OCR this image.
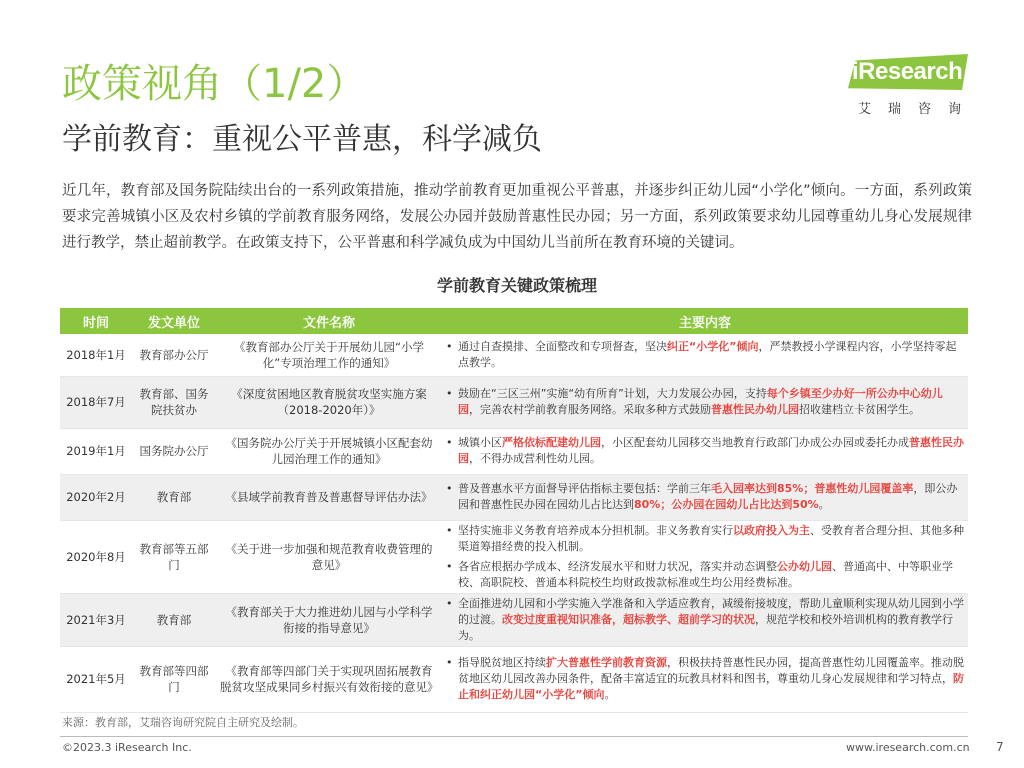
政策视角（1/2）
学前教育：重视公平普惠，科学减负
iResearch
艾瑞咨询
近几年，教育部及国务院陆续出台的一系列政策措施，推动学前教育更加重视公平普惠，并逐步纠正幼儿园“小学化”倾向。一方面，系列政策要求完善城镇小区及农村乡镇的学前教育服务网络，发展公办园并鼓励普惠性民办园；另一方面，系列政策要求幼儿园尊重幼儿身心发展规律进行教学，禁止超前教学。在政策支持下，公平普惠和科学减负成为中国幼儿当前所在教育环境的关键词。
学前教育关键政策梳理
时间	发文单位	文件名称	主要内容
2018年1月	教育部办公厅	《教育部办公厅关于开展幼儿园“小学化”专项治理工作的通知》	• 通过自查摸排、全面整改和专项督查，坚决纠正“小学化”倾向，严禁教授小学课程内容，小学坚持零起点教学。

2018年7月	教育部、国务院扶贫办	《深度贫困地区教育脱贫攻坚实施方案（2018-2020年）》	• 鼓励在“三区三州”实施“幼有所育”计划，大力发展公办园，支持每个乡镇至少办好一所公办中心幼儿园，完善农村学前教育服务网络。采取多种方式鼓励普惠性民办幼儿园招收建档立卡贫困学生。

2019年1月	国务院办公厅	《国务院办公厅关于开展城镇小区配套幼儿园治理工作的通知》	• 城镇小区严格依标配建幼儿园，小区配套幼儿园移交当地教育行政部门办成公办园或委托办成普惠性民办园，不得办成营利性幼儿园。

2020年2月	教育部	《县域学前教育普及普惠督导评估办法》	• 普及普惠水平方面督导评估指标主要包括：学前三年毛入园率达到85%；普惠性幼儿园覆盖率，即公办园和普惠性民办园在园幼儿占比达到80%；公办园在园幼儿占比达到50%。

2020年8月	教育部等五部门	《关于进一步加强和规范教育收费管理的意见》	• 坚持实施非义务教育培养成本分担机制。非义务教育实行以政府投入为主、受教育者合理分担、其他多种渠道筹措经费的投入机制。
• 各省应根据办学成本、经济发展水平和财力状况，落实并动态调整公办幼儿园、普通高中、中等职业学校、高职院校、普通本科院校生均财政拨款标准或生均公用经费标准。

2021年3月	教育部	《教育部关于大力推进幼儿园与小学科学衔接的指导意见》	• 全面推进幼儿园和小学实施入学准备和入学适应教育，减缓衔接坡度，帮助儿童顺利实现从幼儿园到小学的过渡。改变过度重视知识准备，超标教学、超前学习的状况，规范学校和校外培训机构的教育教学行为。

2021年5月	教育部等四部门	《教育部等四部门关于实现巩固拓展教育脱贫攻坚成果同乡村振兴有效衔接的意见》	• 指导脱贫地区持续扩大普惠性学前教育资源，积极扶持普惠性民办园，提高普惠性幼儿园覆盖率。推动脱贫地区幼儿园改善办园条件，配备丰富适宜的玩教具材料和图书，尊重幼儿身心发展规律和学习特点，防止和纠正幼儿园“小学化”倾向。
来源：教育部，艾瑞咨询研究院自主研究及绘制。
©2023.3 iResearch Inc.	www.iresearch.com.cn 7
